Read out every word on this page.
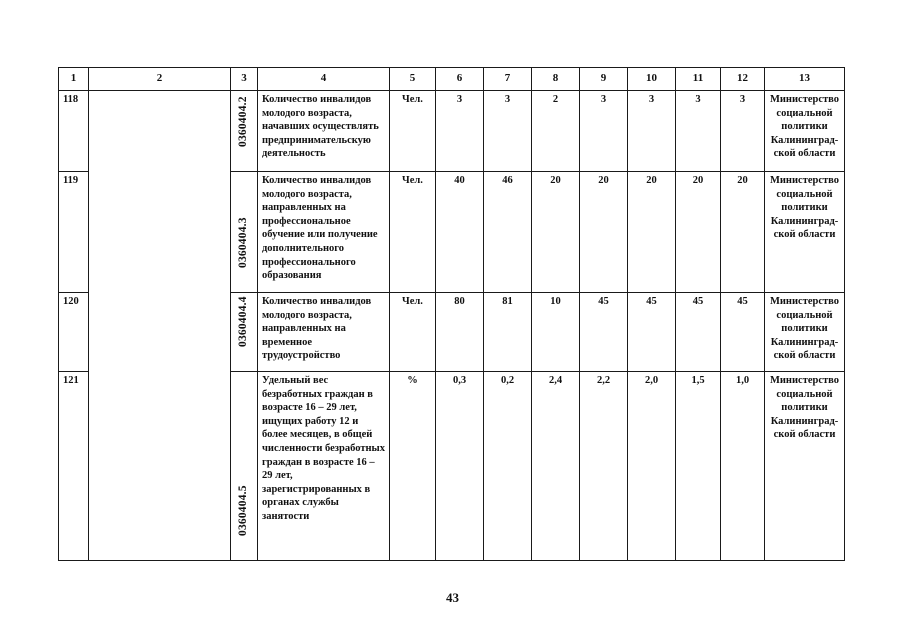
1	2	3	4	5	6	7	8	9	10	11	12	13
118		0360404.2	Количество инвалидов молодого возраста, начавших осуществлять предпринимательскую деятельность	Чел.	3	3	2	3	3	3	3	Министерство социальной политики Калининград-ской области
119		0360404.3	Количество инвалидов молодого возраста, направленных на профессиональное обучение или получение дополнительного профессионального образования	Чел.	40	46	20	20	20	20	20	Министерство социальной политики Калининград-ской области
120		0360404.4	Количество инвалидов молодого возраста, направленных на временное трудоустройство	Чел.	80	81	10	45	45	45	45	Министерство социальной политики Калининград-ской области
121		0360404.5	Удельный вес безработных граждан в возрасте 16 – 29 лет, ищущих работу 12 и более месяцев, в общей численности безработных граждан в возрасте 16 – 29 лет, зарегистрированных в органах службы занятости	%	0,3	0,2	2,4	2,2	2,0	1,5	1,0	Министерство социальной политики Калининград-ской области
43
